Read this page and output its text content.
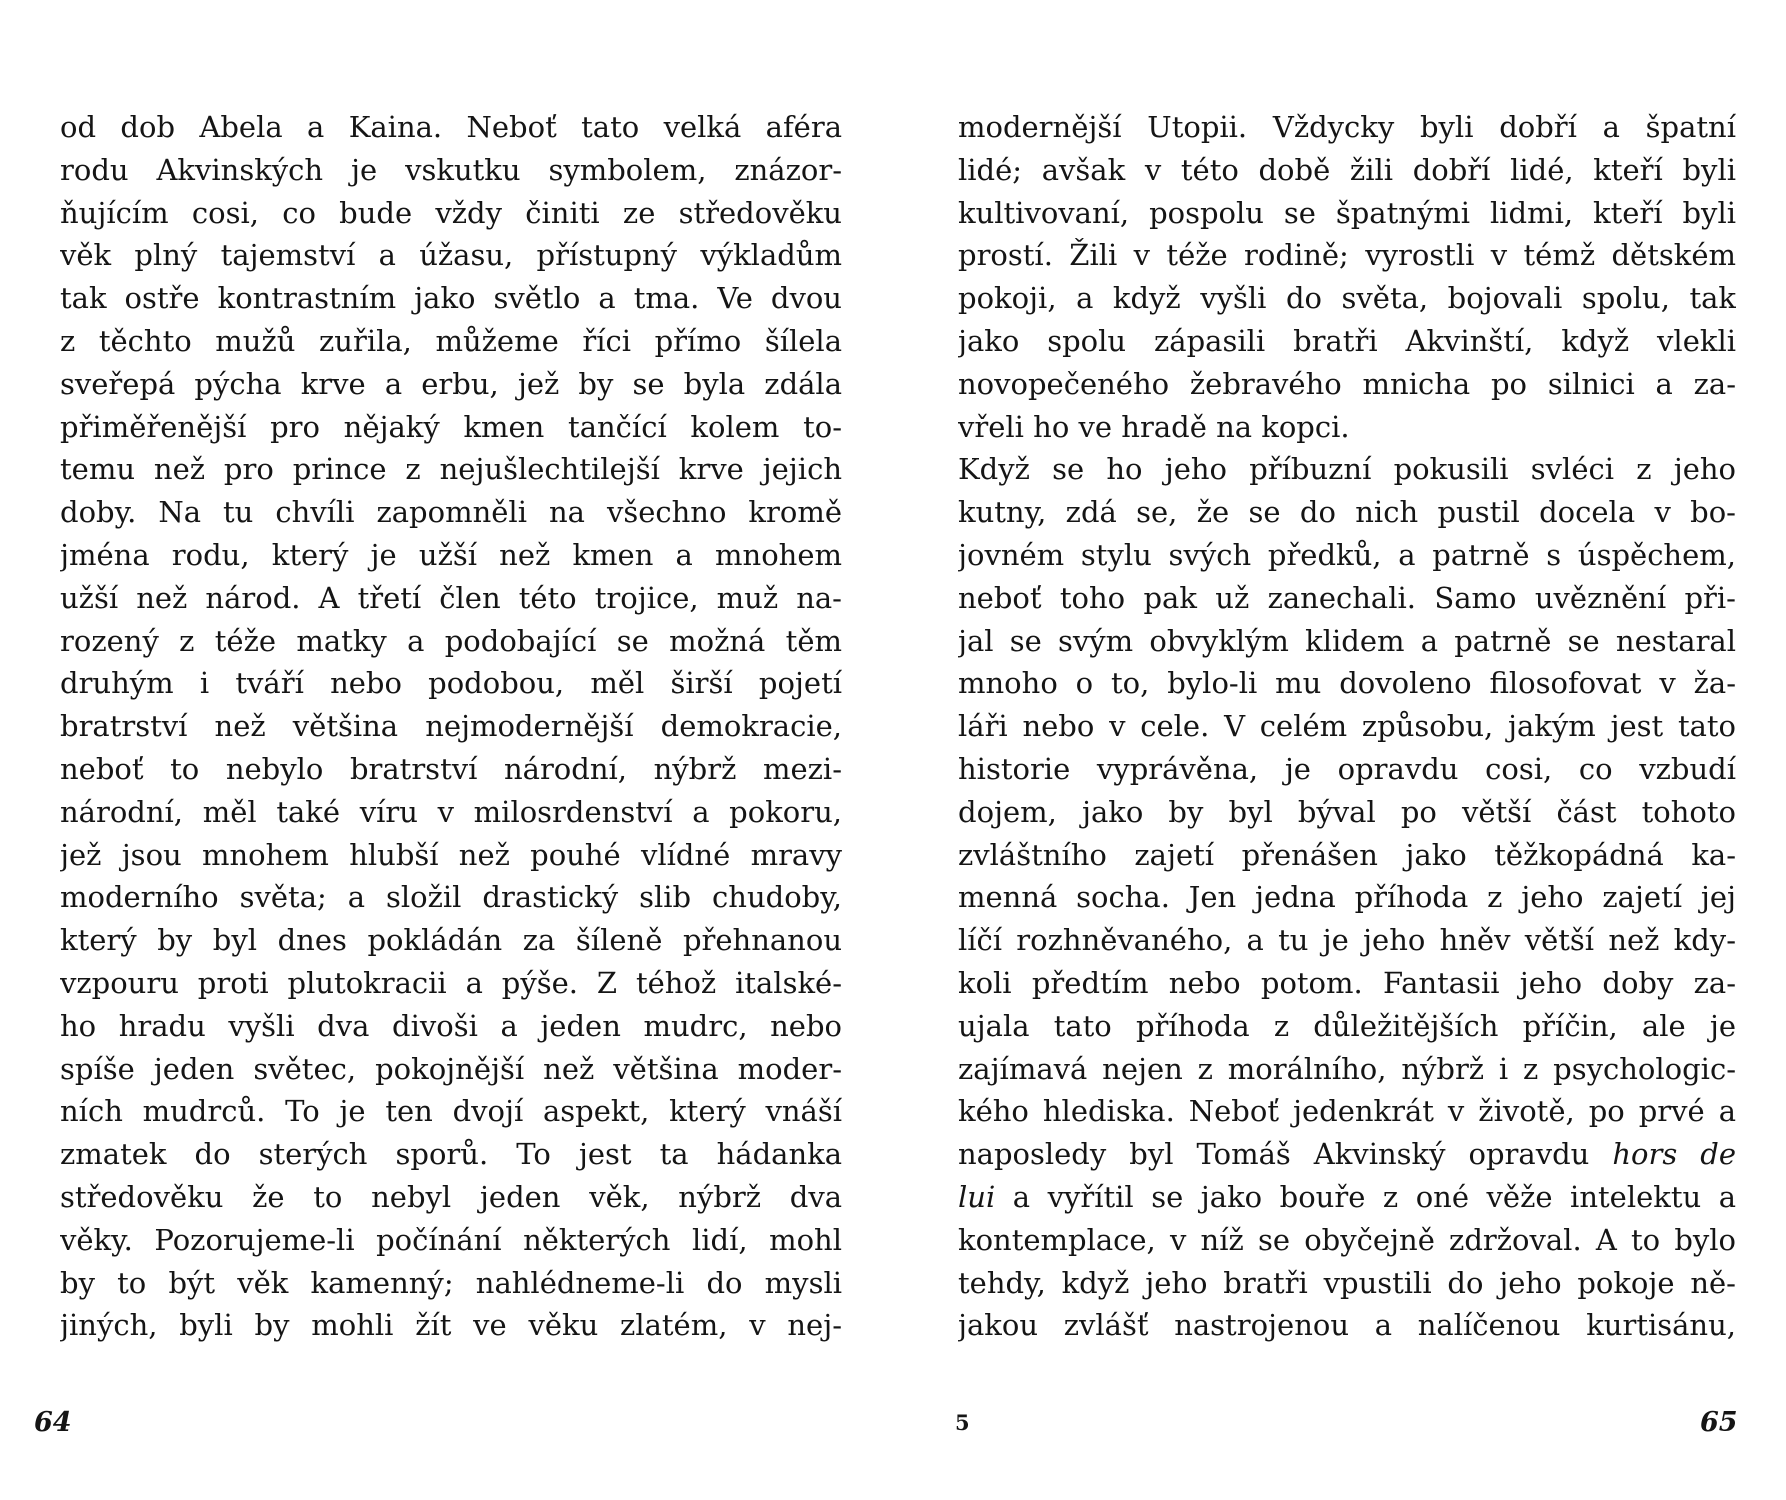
od dob Abela a Kaina. Neboť tato velká aféra
rodu Akvinských je vskutku symbolem, znázor-
ňujícím cosi, co bude vždy činiti ze středověku
věk plný tajemství a úžasu, přístupný výkladům
tak ostře kontrastním jako světlo a tma. Ve dvou
z těchto mužů zuřila, můžeme říci přímo šílela
sveřepá pýcha krve a erbu, jež by se byla zdála
přiměřenější pro nějaký kmen tančící kolem to-
temu než pro prince z nejušlechtilejší krve jejich
doby. Na tu chvíli zapomněli na všechno kromě
jména rodu, který je užší než kmen a mnohem
užší než národ. A třetí člen této trojice, muž na-
rozený z téže matky a podobající se možná těm
druhým i tváří nebo podobou, měl širší pojetí
bratrství než většina nejmodernější demokracie,
neboť to nebylo bratrství národní, nýbrž mezi-
národní, měl také víru v milosrdenství a pokoru,
jež jsou mnohem hlubší než pouhé vlídné mravy
moderního světa; a složil drastický slib chudoby,
který by byl dnes pokládán za šíleně přehnanou
vzpouru proti plutokracii a pýše. Z téhož italské-
ho hradu vyšli dva divoši a jeden mudrc, nebo
spíše jeden světec, pokojnější než většina moder-
ních mudrců. To je ten dvojí aspekt, který vnáší
zmatek do sterých sporů. To jest ta hádanka
středověku že to nebyl jeden věk, nýbrž dva
věky. Pozorujeme-li počínání některých lidí, mohl
by to být věk kamenný; nahlédneme-li do mysli
jiných, byli by mohli žít ve věku zlatém, v nej-
modernější Utopii. Vždycky byli dobří a špatní
lidé; avšak v této době žili dobří lidé, kteří byli
kultivovaní, pospolu se špatnými lidmi, kteří byli
prostí. Žili v téže rodině; vyrostli v témž dětském
pokoji, a když vyšli do světa, bojovali spolu, tak
jako spolu zápasili bratři Akvinští, když vlekli
novopečeného žebravého mnicha po silnici a za-
vřeli ho ve hradě na kopci.
Když se ho jeho příbuzní pokusili svléci z jeho
kutny, zdá se, že se do nich pustil docela v bo-
jovném stylu svých předků, a patrně s úspěchem,
neboť toho pak už zanechali. Samo uvěznění při-
jal se svým obvyklým klidem a patrně se nestaral
mnoho o to, bylo-li mu dovoleno filosofovat v ža-
láři nebo v cele. V celém způsobu, jakým jest tato
historie vyprávěna, je opravdu cosi, co vzbudí
dojem, jako by byl býval po větší část tohoto
zvláštního zajetí přenášen jako těžkopádná ka-
menná socha. Jen jedna příhoda z jeho zajetí jej
líčí rozhněvaného, a tu je jeho hněv větší než kdy-
koli předtím nebo potom. Fantasii jeho doby za-
ujala tato příhoda z důležitějších příčin, ale je
zajímavá nejen z morálního, nýbrž i z psychologic-
kého hlediska. Neboť jedenkrát v životě, po prvé a
naposledy byl Tomáš Akvinský opravdu hors de
lui a vyřítil se jako bouře z oné věže intelektu a
kontemplace, v níž se obyčejně zdržoval. A to bylo
tehdy, když jeho bratři vpustili do jeho pokoje ně-
jakou zvlášť nastrojenou a nalíčenou kurtisánu,
64	5	65
